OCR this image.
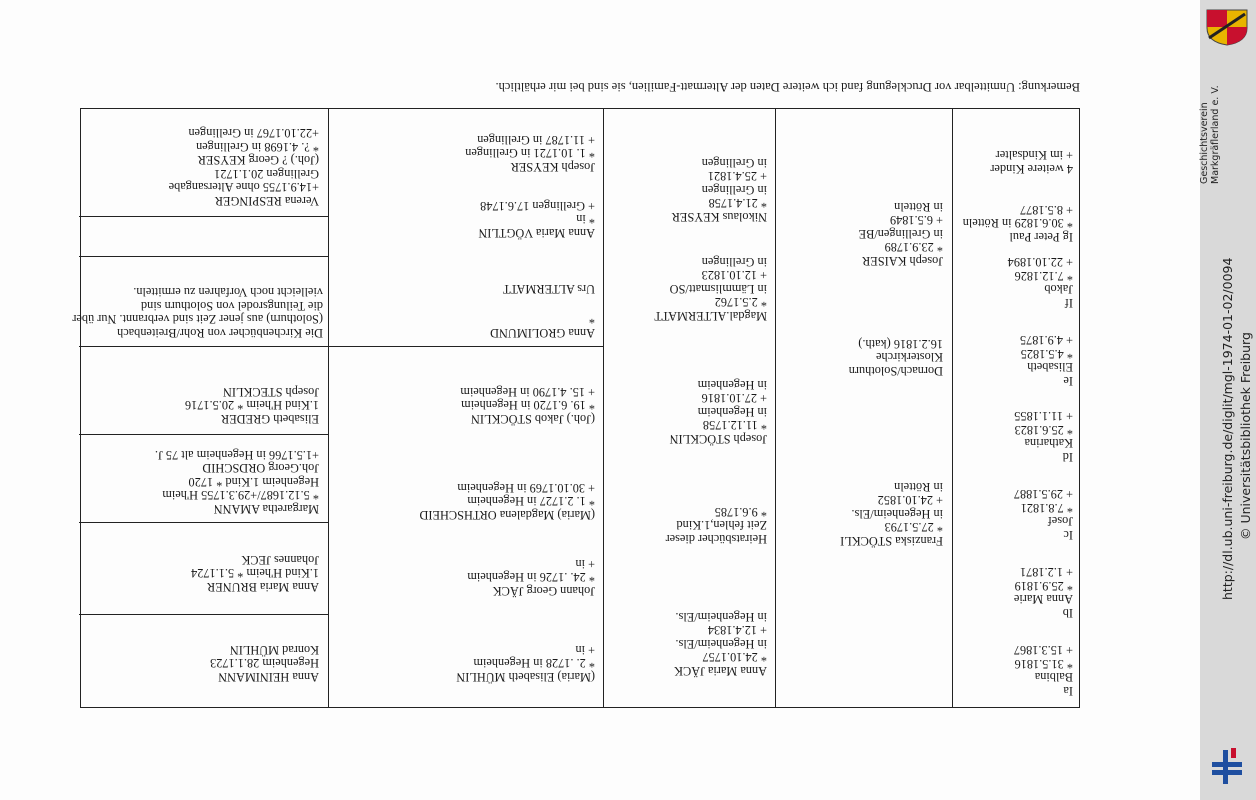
Bemerkung: Unmittelbar vor Drucklegung fand ich weitere Daten der Altermatt-Familien, sie sind bei mir erhältlich.
Ia
Balbina
* 31.5.1816
+ 15.3.1867
Ib
Anna Marie
* 25.9.1819
+ 1.2.1871
Ic
Josef
* 7.8.1821
+ 29.5.1887
Id
Katharina
* 25.6.1823
+ 11.1.1855
Ie
Elisabeth
* 4.5.1825
+ 4.9.1875
If
Jakob
* 7.12.1826
+ 22.10.1894
Ig Peter Paul
* 30.6.1829 in Rötteln
+ 8.5.1877
4 weitere Kinder
+ im Kindsalter
Franziska STÖCKLI
* 27.5.1793
in Hegenheim/Els.
+ 24.10.1852
in Rötteln
Dornach/Solothurn
Klosterkirche
16.2.1816 (kath.)
Joseph KAISER
* 23.9.1789
in Grellingen/BE
+ 6.5.1849
in Rötteln
Anna Maria JÄCK
* 24.10.1757
in Hegenheim/Els.
+ 12.4.1834
in Hegenheim/Els.
Heiratsbücher dieser
Zeit fehlen,1.Kind
* 9.6.1785
Joseph STÖCKLIN
* 11.12.1758
in Hegenheim
+ 27.10.1816
in Hegenheim
Magdal.ALTERMATT
* 2.5.1762
in Lämmlismatt/SO
+ 12.10.1823
in Grellingen
Nikolaus KEYSER
* 21.4.1758
in Grellingen
+ 25.4.1821
in Grellingen
(Maria) Elisabeth MÜHLIN
* 2. .1728 in Hegenheim
+ in
Johann Georg JÄCK
* 24. .1726 in Hegenheim
+ in
(Maria) Magdalena ORTHSCHEID
* 1. 2.1727 in Hegenheim
+ 30.10.1769 in Hegenheim
(Joh.) Jakob STÖCKLIN
* 19. 6.1720 in Hegenheim
+ 15. 4.1790 in Hegenheim
Anna GROLIMUND
*
Urs ALTERMATT
Anna Maria VÖGTLIN
* in
+ Grellingen 17.6.1748
Joseph KEYSER
* 1. 10.1721 in Grellingen
+ 11.1787 in Grellingen
Die Kirchenbücher von Rohr/Breitenbach
(Solothurn) aus jener Zeit sind verbrannt. Nur über
die Teilungsrodel von Solothurn sind
vielleicht noch Vorfahren zu ermitteln.
Anna HEINIMANN
Hegenheim 28.1.1723
Konrad MÜHLIN
Anna Maria BRUNER
1.Kind H'heim * 5.1.1724
Johannes JECK
Margaretha AMANN
* 5.12.1687/+29.3.1755 H'heim
Hegenheim 1.Kind * 1720
Joh.Georg ORDSCHID
+1.5.1766 in Hegenheim alt 75 J.
Elisabeth GREDER
1.Kind H'heim * 20.5.1716
Joseph STECKLIN
Verena RESPINGER
+14.9.1755 ohne Altersangabe
Grellingen 20.1.1721
(Joh.) ? Georg KEYSER
* ?. 4.1698 in Grellingen
+22.10.1767 in Grellingen	Geschichtsverein Markgräflerland e. V.
http://dl.ub.uni-freiburg.de/diglit/mgl-1974-01-02/0094 © Universitätsbibliothek Freiburg
